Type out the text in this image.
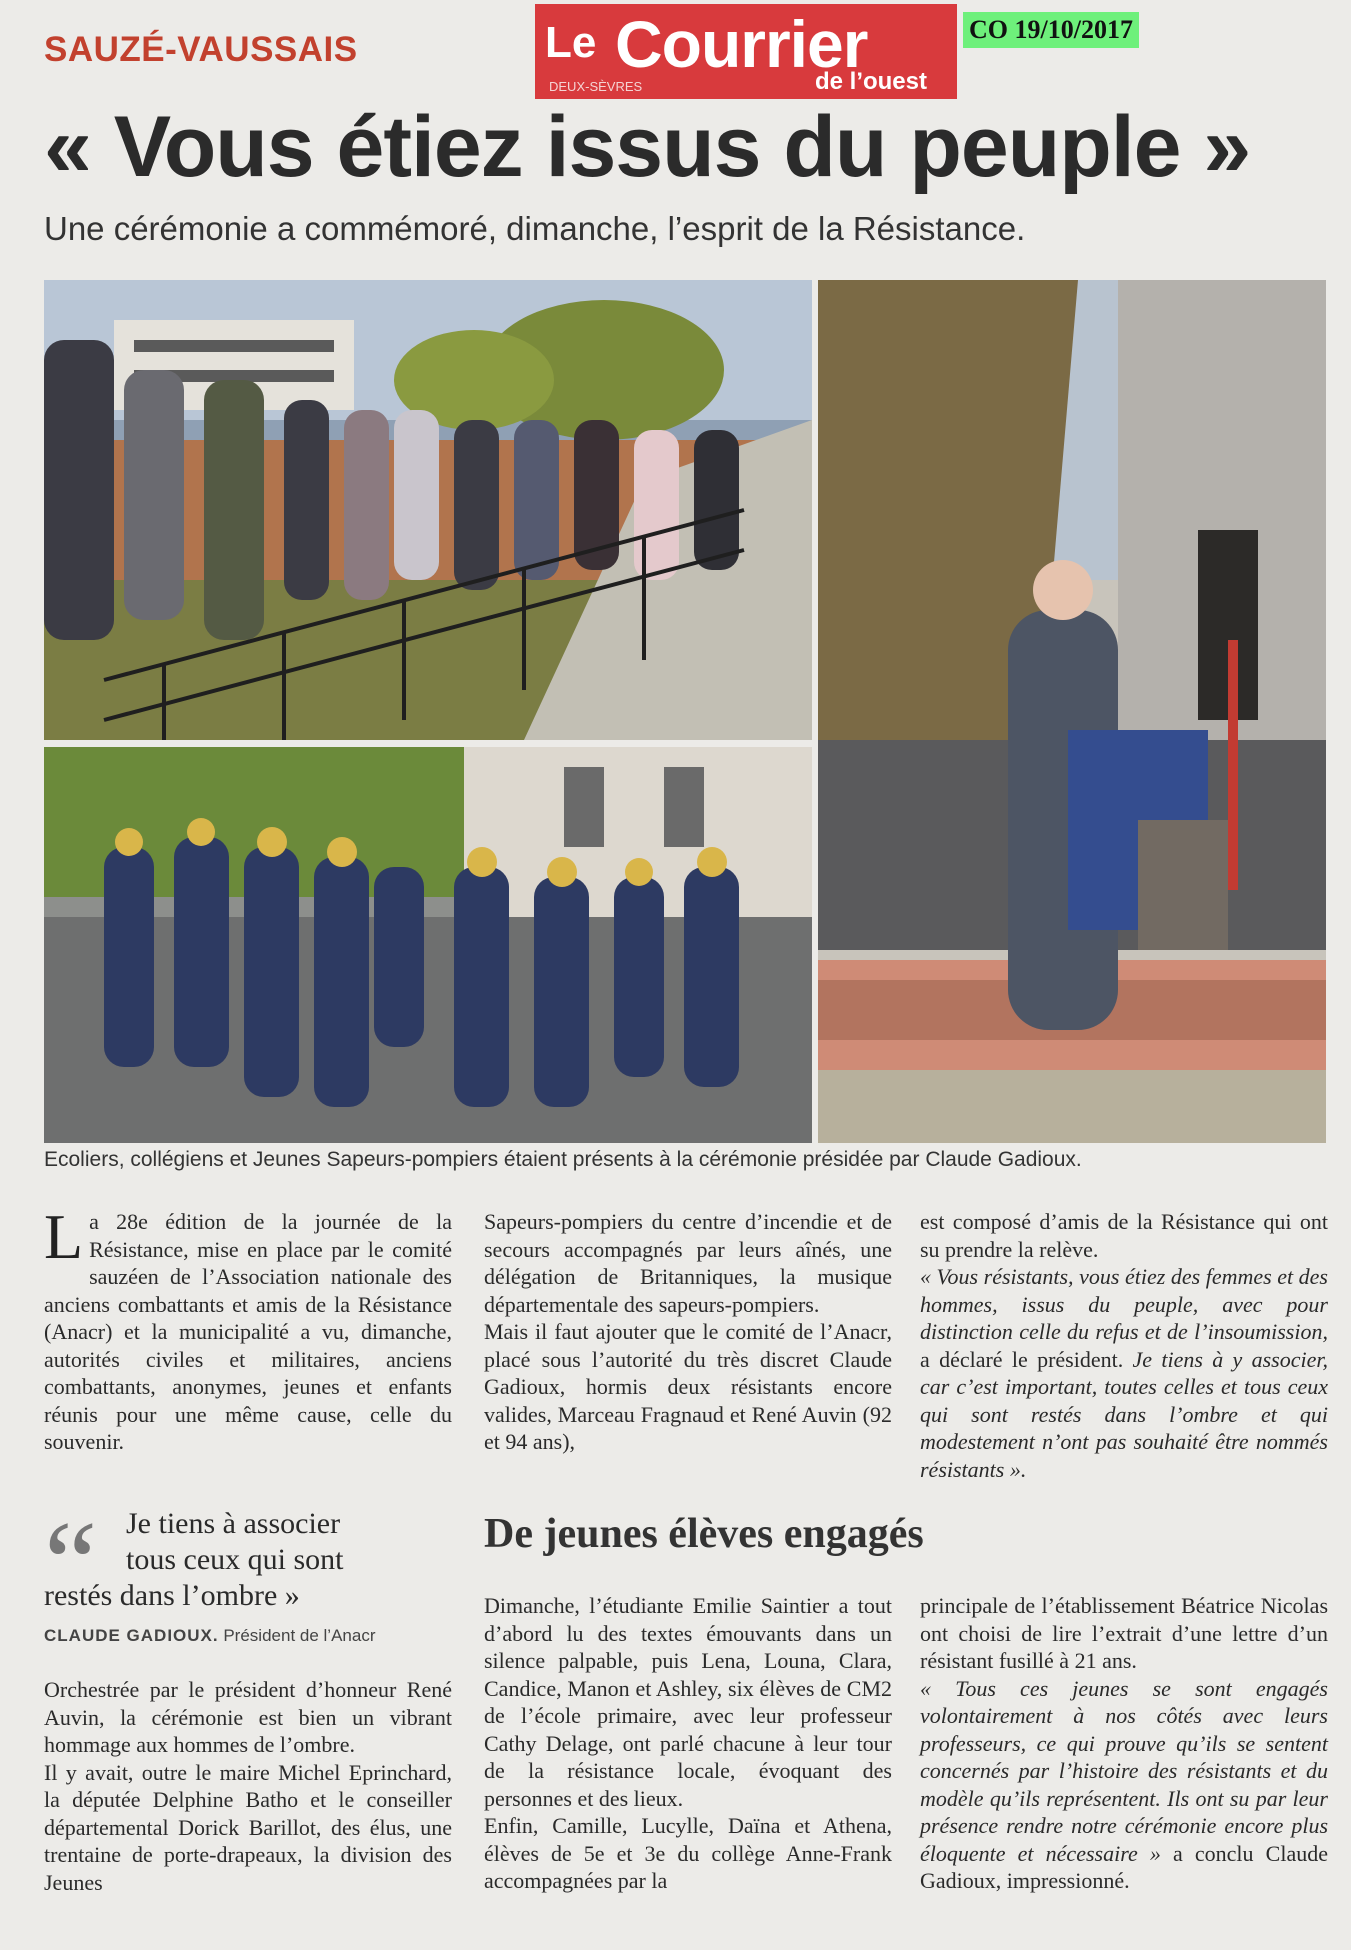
SAUZÉ-VAUSSAIS	Le Courrier
DEUX-SÈVRES	de l’ouest
CO 19/10/2017
« Vous étiez issus du peuple »
Une cérémonie a commémoré, dimanche, l’esprit de la Résistance.
Ecoliers, collégiens et Jeunes Sapeurs-pompiers étaient présents à la cérémonie présidée par Claude Gadioux.

La 28e édition de la journée de la Résistance, mise en place par le comité sauzéen de l’Association nationale des anciens combattants et amis de la Résistance (Anacr) et la municipalité a vu, dimanche, autorités civiles et militaires, anciens combattants, anonymes, jeunes et enfants réunis pour une même cause, celle du souvenir.

“ Je tiens à associer
tous ceux qui sont
restés dans l’ombre »
CLAUDE GADIOUX. Président de l’Anacr

Orchestrée par le président d’honneur René Auvin, la cérémonie est bien un vibrant hommage aux hommes de l’ombre.

Il y avait, outre le maire Michel Eprinchard, la députée Delphine Batho et le conseiller départemental Dorick Barillot, des élus, une trentaine de porte-drapeaux, la division des Jeunes

Sapeurs-pompiers du centre d’incendie et de secours accompagnés par leurs aînés, une délégation de Britanniques, la musique départementale des sapeurs-pompiers.

Mais il faut ajouter que le comité de l’Anacr, placé sous l’autorité du très discret Claude Gadioux, hormis deux résistants encore valides, Marceau Fragnaud et René Auvin (92 et 94 ans),

est composé d’amis de la Résistance qui ont su prendre la relève.

« Vous résistants, vous étiez des femmes et des hommes, issus du peuple, avec pour distinction celle du refus et de l’insoumission, a déclaré le président. Je tiens à y associer, car c’est important, toutes celles et tous ceux qui sont restés dans l’ombre et qui modestement n’ont pas souhaité être nommés résistants ».

De jeunes élèves engagés

Dimanche, l’étudiante Emilie Saintier a tout d’abord lu des textes émouvants dans un silence palpable, puis Lena, Louna, Clara, Candice, Manon et Ashley, six élèves de CM2 de l’école primaire, avec leur professeur Cathy Delage, ont parlé chacune à leur tour de la résistance locale, évoquant des personnes et des lieux.

Enfin, Camille, Lucylle, Daïna et Athena, élèves de 5e et 3e du collège Anne-Frank accompagnées par la

principale de l’établissement Béatrice Nicolas ont choisi de lire l’extrait d’une lettre d’un résistant fusillé à 21 ans.

« Tous ces jeunes se sont engagés volontairement à nos côtés avec leurs professeurs, ce qui prouve qu’ils se sentent concernés par l’histoire des résistants et du modèle qu’ils représentent. Ils ont su par leur présence rendre notre cérémonie encore plus éloquente et nécessaire » a conclu Claude Gadioux, impressionné.
